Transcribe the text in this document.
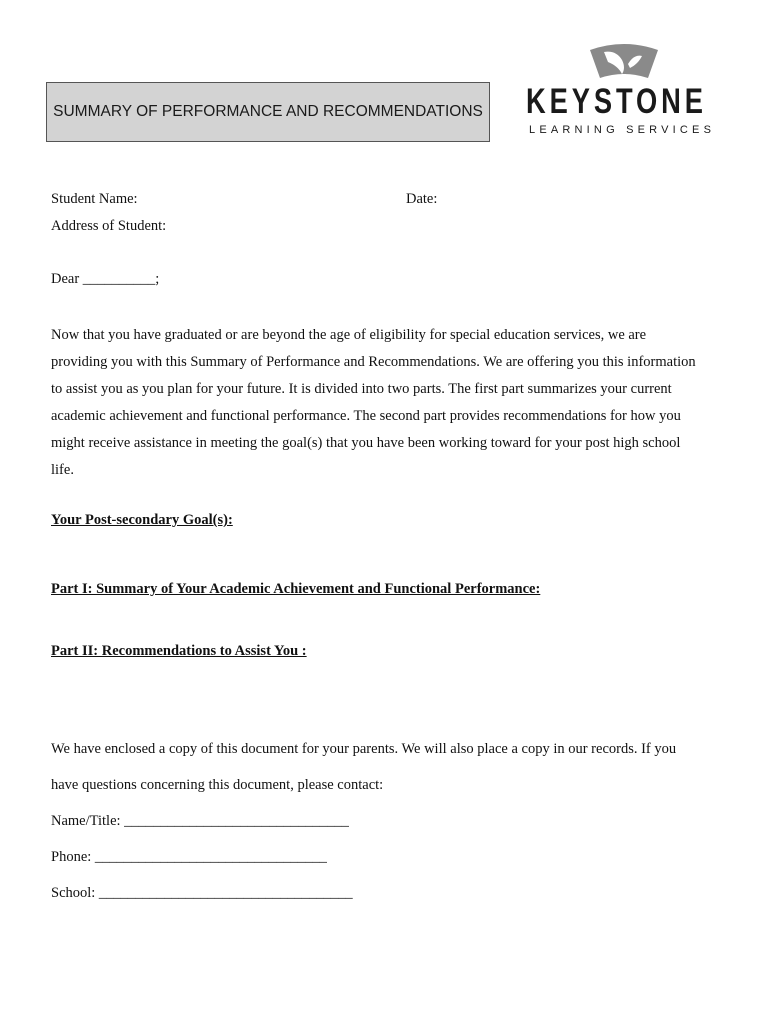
SUMMARY OF PERFORMANCE AND RECOMMENDATIONS KEYSTONE
LEARNING SERVICES
Student Name:	Date:
Address of Student:
Dear __________;
Now that you have graduated or are beyond the age of eligibility for special education services, we are
providing you with this Summary of Performance and Recommendations. We are offering you this information
to assist you as you plan for your future. It is divided into two parts. The first part summarizes your current
academic achievement and functional performance. The second part provides recommendations for how you
might receive assistance in meeting the goal(s) that you have been working toward for your post high school
life.
Your Post-secondary Goal(s):
Part I: Summary of Your Academic Achievement and Functional Performance:
Part II: Recommendations to Assist You :
We have enclosed a copy of this document for your parents. We will also place a copy in our records. If you
have questions concerning this document, please contact:
Name/Title: _______________________________
Phone: ________________________________
School: ___________________________________
